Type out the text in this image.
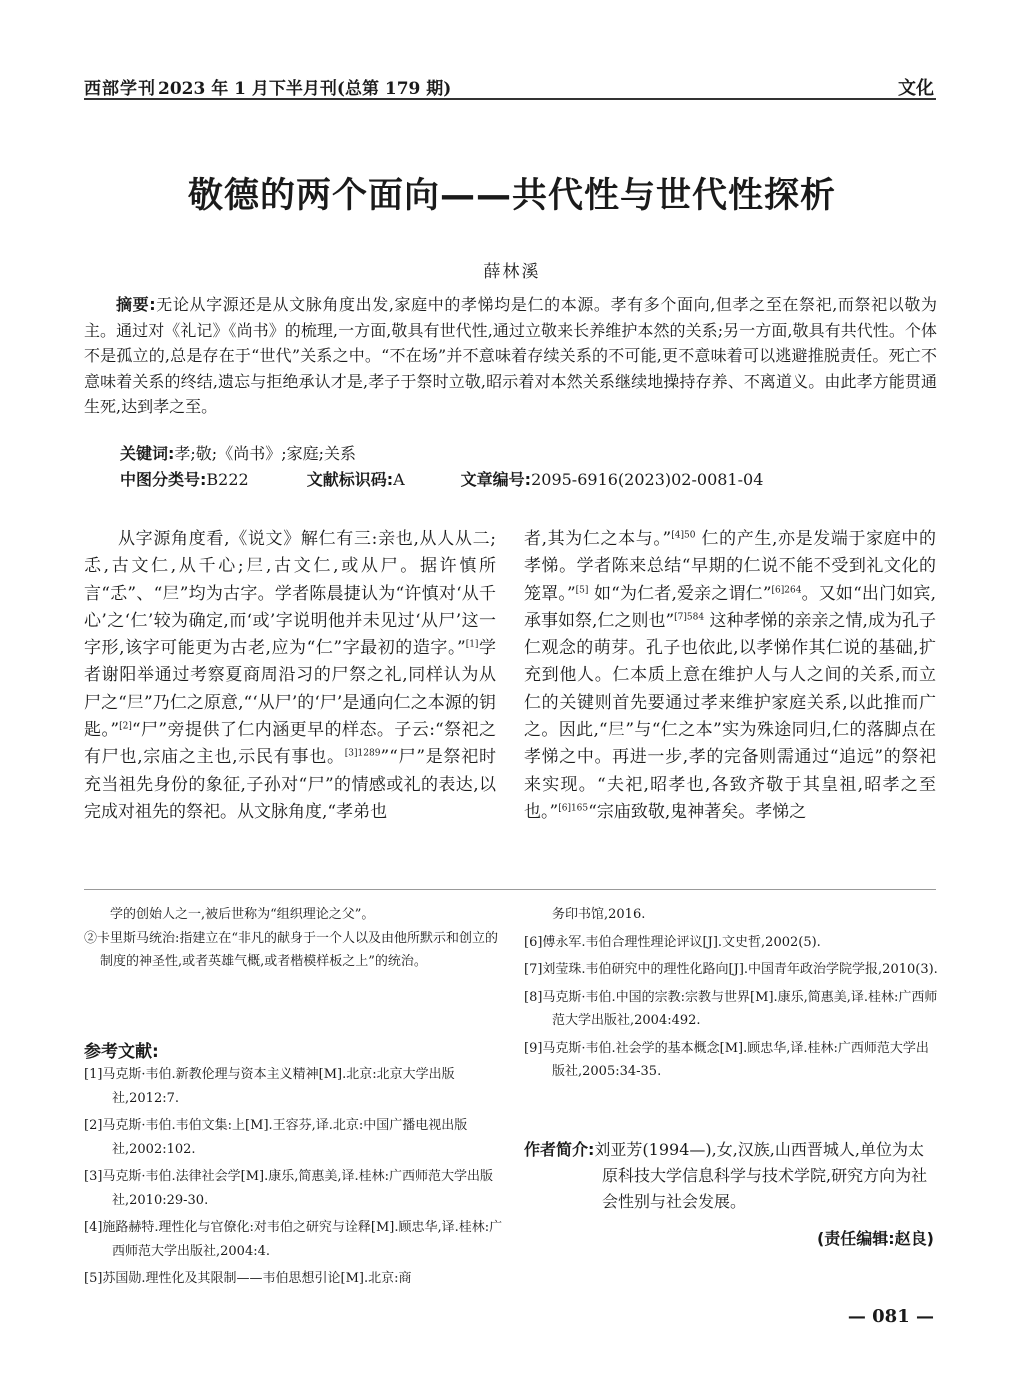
西部学刊 2023 年 1 月下半月刊(总第 179 期)	文化
敬德的两个面向——共代性与世代性探析
薛林溪

摘要:无论从字源还是从文脉角度出发,家庭中的孝悌均是仁的本源。孝有多个面向,但孝之至在祭祀,而祭祀以敬为主。通过对《礼记》《尚书》的梳理,一方面,敬具有世代性,通过立敬来长养维护本然的关系;另一方面,敬具有共代性。个体不是孤立的,总是存在于“世代”关系之中。“不在场”并不意味着存续关系的不可能,更不意味着可以逃避推脱责任。死亡不意味着关系的终结,遗忘与拒绝承认才是,孝子于祭时立敬,昭示着对本然关系继续地操持存养、不离道义。由此孝方能贯通生死,达到孝之至。

关键词:孝;敬;《尚书》;家庭;关系
中图分类号:B222	文献标识码:A	文章编号:2095-6916(2023)02-0081-04

从字源角度看,《说文》解仁有三:亲也,从人从二;忎,古文仁,从千心;𡰥,古文仁,或从尸。据许慎所言“忎”、“𡰥”均为古字。学者陈晨捷认为“许慎对‘从千心’之‘仁’较为确定,而‘或’字说明他并未见过‘从尸’这一字形,该字可能更为古老,应为“仁”字最初的造字。”[1]学者谢阳举通过考察夏商周沿习的尸祭之礼,同样认为从尸之“𡰥”乃仁之原意,“‘从尸’的‘尸’是通向仁之本源的钥匙。”[2]“尸”旁提供了仁内涵更早的样态。子云:“祭祀之有尸也,宗庙之主也,示民有事也。$^{[3]1289}$”“尸”是祭祀时充当祖先身份的象征,子孙对“尸”的情感或礼的表达,以完成对祖先的祭祀。从文脉角度,“孝弟也

者,其为仁之本与。”$^{[4]50}$ 仁的产生,亦是发端于家庭中的孝悌。学者陈来总结“早期的仁说不能不受到礼文化的笼罩。”[5] 如“为仁者,爱亲之谓仁”$^{[6]264}$。又如“出门如宾,承事如祭,仁之则也”$^{[7]584}$ 这种孝悌的亲亲之情,成为孔子仁观念的萌芽。孔子也依此,以孝悌作其仁说的基础,扩充到他人。仁本质上意在维护人与人之间的关系,而立仁的关键则首先要通过孝来维护家庭关系,以此推而广之。因此,“𡰥”与“仁之本”实为殊途同归,仁的落脚点在孝悌之中。再进一步,孝的完备则需通过“追远”的祭祀来实现。“夫祀,昭孝也,各致齐敬于其皇祖,昭孝之至也。”$^{[6]165}$“宗庙致敬,鬼神著矣。孝悌之

学的创始人之一,被后世称为“组织理论之父”。

②卡里斯马统治:指建立在“非凡的献身于一个人以及由他所默示和创立的制度的神圣性,或者英雄气概,或者楷模样板之上”的统治。

参考文献:

[1]马克斯·韦伯.新教伦理与资本主义精神[M].北京:北京大学出版社,2012:7.

[2]马克斯·韦伯.韦伯文集:上[M].王容芬,译.北京:中国广播电视出版社,2002:102.

[3]马克斯·韦伯.法律社会学[M].康乐,简惠美,译.桂林:广西师范大学出版社,2010:29-30.

[4]施路赫特.理性化与官僚化:对韦伯之研究与诠释[M].顾忠华,译.桂林:广西师范大学出版社,2004:4.

[5]苏国勋.理性化及其限制——韦伯思想引论[M].北京:商

务印书馆,2016.

[6]傅永军.韦伯合理性理论评议[J].文史哲,2002(5).

[7]刘莹珠.韦伯研究中的理性化路向[J].中国青年政治学院学报,2010(3).

[8]马克斯·韦伯.中国的宗教:宗教与世界[M].康乐,简惠美,译.桂林:广西师范大学出版社,2004:492.

[9]马克斯·韦伯.社会学的基本概念[M].顾忠华,译.桂林:广西师范大学出版社,2005:34-35.

作者简介:刘亚芳(1994—),女,汉族,山西晋城人,单位为太原科技大学信息科学与技术学院,研究方向为社会性别与社会发展。

(责任编辑:赵良)
— 081 —
